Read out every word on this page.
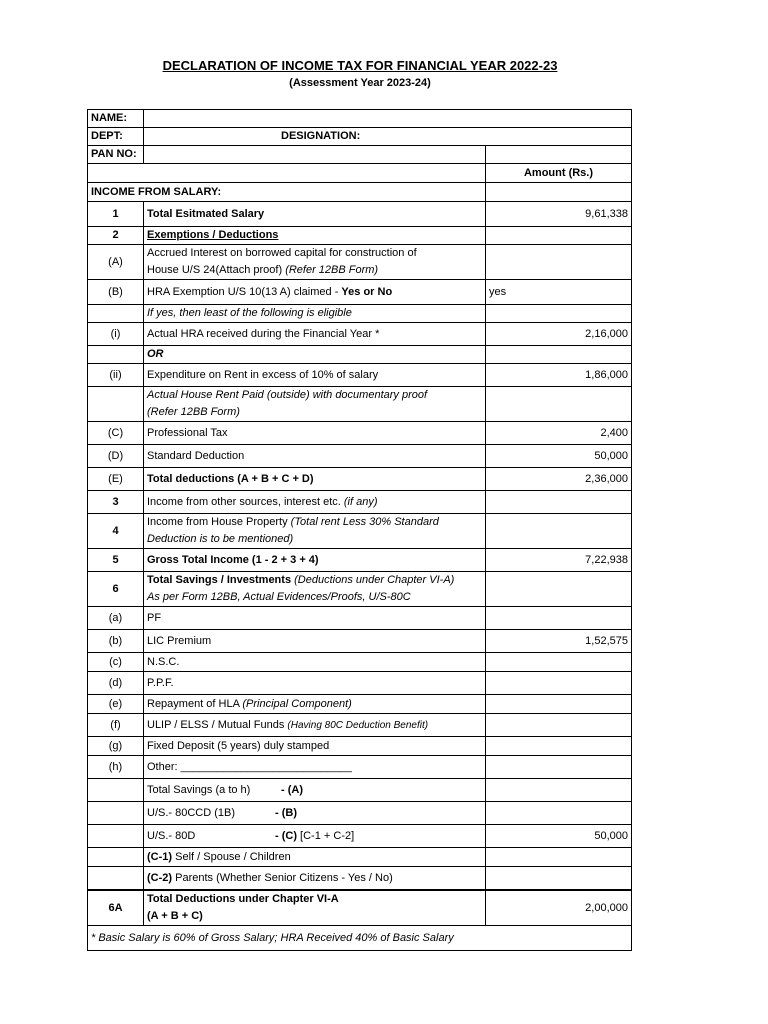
DECLARATION OF INCOME TAX FOR FINANCIAL YEAR 2022-23
(Assessment Year 2023-24)
NAME:		
DEPT:	DESIGNATION:	
PAN NO:		
		Amount (Rs.)
INCOME FROM SALARY:		
1	Total Esitmated Salary	9,61,338
2	Exemptions / Deductions	
(A)	Accrued Interest on borrowed capital for construction of
House U/S 24(Attach proof) (Refer 12BB Form)	
(B)	HRA Exemption U/S 10(13 A) claimed - Yes or No	yes
	If yes, then least of the following is eligible	
(i)	Actual HRA received during the Financial Year *	2,16,000
	OR	
(ii)	Expenditure on Rent in excess of 10% of salary	1,86,000
	Actual House Rent Paid (outside) with documentary proof
(Refer 12BB Form)	
(C)	Professional Tax	2,400
(D)	Standard Deduction	50,000
(E)	Total deductions (A + B + C + D)	2,36,000
3	Income from other sources, interest etc. (if any)	
4	Income from House Property (Total rent Less 30% Standard
Deduction is to be mentioned)	
5	Gross Total Income (1 - 2 + 3 + 4)	7,22,938
6	Total Savings / Investments (Deductions under Chapter VI-A)
As per Form 12BB, Actual Evidences/Proofs, U/S-80C	
(a)	PF	
(b)	LIC Premium	1,52,575
(c)	N.S.C.	
(d)	P.P.F.	
(e)	Repayment of HLA (Principal Component)	
(f)	ULIP / ELSS / Mutual Funds (Having 80C Deduction Benefit)	
(g)	Fixed Deposit (5 years) duly stamped	
(h)	Other: ____________________________	
	Total Savings (a to h) - (A)	
	U/S.- 80CCD (1B) - (B)	
	U/S.- 80D - (C) [C-1 + C-2]	50,000
	(C-1) Self / Spouse / Children	
	(C-2) Parents (Whether Senior Citizens - Yes / No)	
6A	Total Deductions under Chapter VI-A
(A + B + C)	2,00,000
* Basic Salary is 60% of Gross Salary; HRA Received 40% of Basic Salary		
